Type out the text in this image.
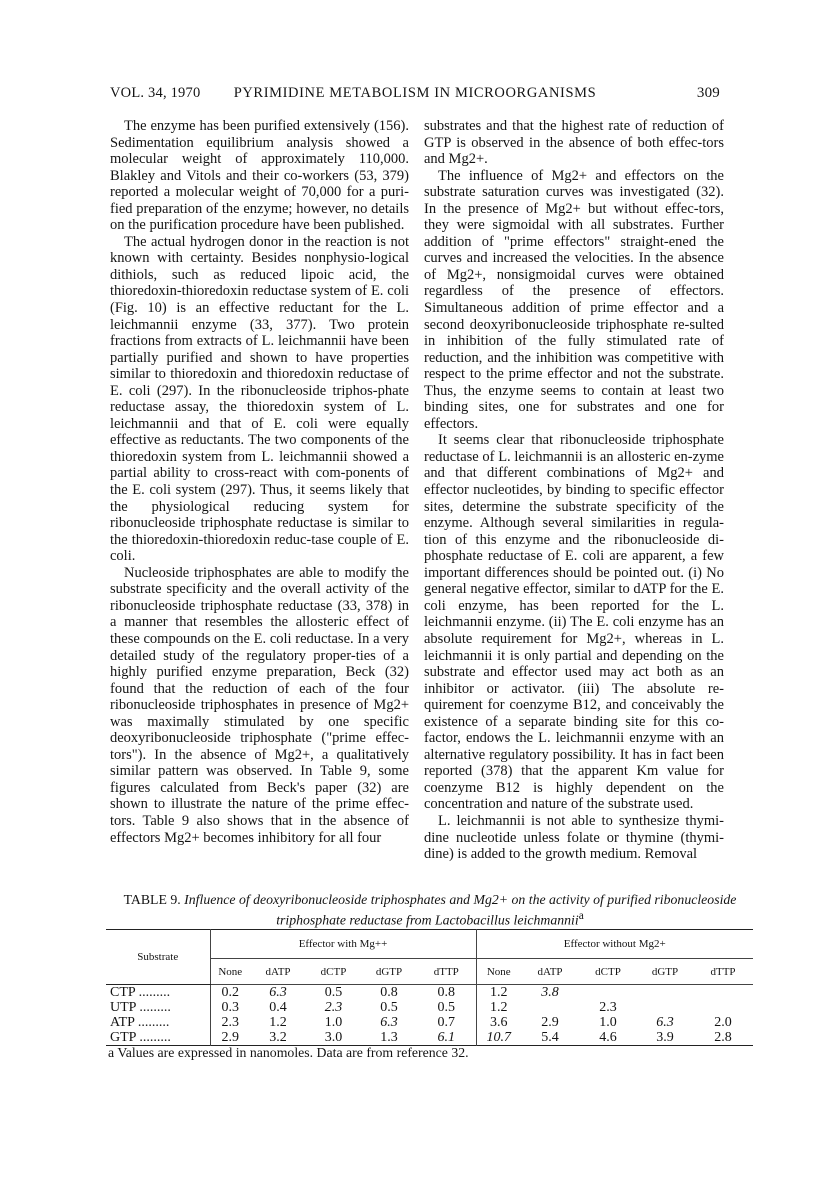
VOL. 34, 1970	PYRIMIDINE METABOLISM IN MICROORGANISMS	309

The enzyme has been purified extensively (156). Sedimentation equilibrium analysis showed a molecular weight of approximately 110,000. Blakley and Vitols and their co-workers (53, 379) reported a molecular weight of 70,000 for a puri-fied preparation of the enzyme; however, no details on the purification procedure have been published.

The actual hydrogen donor in the reaction is not known with certainty. Besides nonphysio-logical dithiols, such as reduced lipoic acid, the thioredoxin-thioredoxin reductase system of E. coli (Fig. 10) is an effective reductant for the L. leichmannii enzyme (33, 377). Two protein fractions from extracts of L. leichmannii have been partially purified and shown to have properties similar to thioredoxin and thioredoxin reductase of E. coli (297). In the ribonucleoside triphos-phate reductase assay, the thioredoxin system of L. leichmannii and that of E. coli were equally effective as reductants. The two components of the thioredoxin system from L. leichmannii showed a partial ability to cross-react with com-ponents of the E. coli system (297). Thus, it seems likely that the physiological reducing system for ribonucleoside triphosphate reductase is similar to the thioredoxin-thioredoxin reduc-tase couple of E. coli.

Nucleoside triphosphates are able to modify the substrate specificity and the overall activity of the ribonucleoside triphosphate reductase (33, 378) in a manner that resembles the allosteric effect of these compounds on the E. coli reductase. In a very detailed study of the regulatory proper-ties of a highly purified enzyme preparation, Beck (32) found that the reduction of each of the four ribonucleoside triphosphates in presence of Mg2+ was maximally stimulated by one specific deoxyribonucleoside triphosphate ("prime effec-tors"). In the absence of Mg2+, a qualitatively similar pattern was observed. In Table 9, some figures calculated from Beck's paper (32) are shown to illustrate the nature of the prime effec-tors. Table 9 also shows that in the absence of effectors Mg2+ becomes inhibitory for all four

substrates and that the highest rate of reduction of GTP is observed in the absence of both effec-tors and Mg2+.

The influence of Mg2+ and effectors on the substrate saturation curves was investigated (32). In the presence of Mg2+ but without effec-tors, they were sigmoidal with all substrates. Further addition of "prime effectors" straight-ened the curves and increased the velocities. In the absence of Mg2+, nonsigmoidal curves were obtained regardless of the presence of effectors. Simultaneous addition of prime effector and a second deoxyribonucleoside triphosphate re-sulted in inhibition of the fully stimulated rate of reduction, and the inhibition was competitive with respect to the prime effector and not the substrate. Thus, the enzyme seems to contain at least two binding sites, one for substrates and one for effectors.

It seems clear that ribonucleoside triphosphate reductase of L. leichmannii is an allosteric en-zyme and that different combinations of Mg2+ and effector nucleotides, by binding to specific effector sites, determine the substrate specificity of the enzyme. Although several similarities in regula-tion of this enzyme and the ribonucleoside di-phosphate reductase of E. coli are apparent, a few important differences should be pointed out. (i) No general negative effector, similar to dATP for the E. coli enzyme, has been reported for the L. leichmannii enzyme. (ii) The E. coli enzyme has an absolute requirement for Mg2+, whereas in L. leichmannii it is only partial and depending on the substrate and effector used may act both as an inhibitor or activator. (iii) The absolute re-quirement for coenzyme B12, and conceivably the existence of a separate binding site for this co-factor, endows the L. leichmannii enzyme with an alternative regulatory possibility. It has in fact been reported (378) that the apparent Km value for coenzyme B12 is highly dependent on the concentration and nature of the substrate used.

L. leichmannii is not able to synthesize thymi-dine nucleotide unless folate or thymine (thymi-dine) is added to the growth medium. Removal

TABLE 9. Influence of deoxyribonucleoside triphosphates and Mg2+ on the activity of purified ribonucleoside triphosphate reductase from Lactobacillus leichmannii$^a$
Substrate	Effector with Mg++					Effector without Mg2+				
	None	dATP	dCTP	dGTP	dTTP	None	dATP	dCTP	dGTP	dTTP
CTP .........	0.2	6.3	0.5	0.8	0.8	1.2	3.8			
UTP .........	0.3	0.4	2.3	0.5	0.5	1.2		2.3		
ATP .........	2.3	1.2	1.0	6.3	0.7	3.6	2.9	1.0	6.3	2.0
GTP .........	2.9	3.2	3.0	1.3	6.1	10.7	5.4	4.6	3.9	2.8
a Values are expressed in nanomoles. Data are from reference 32.
